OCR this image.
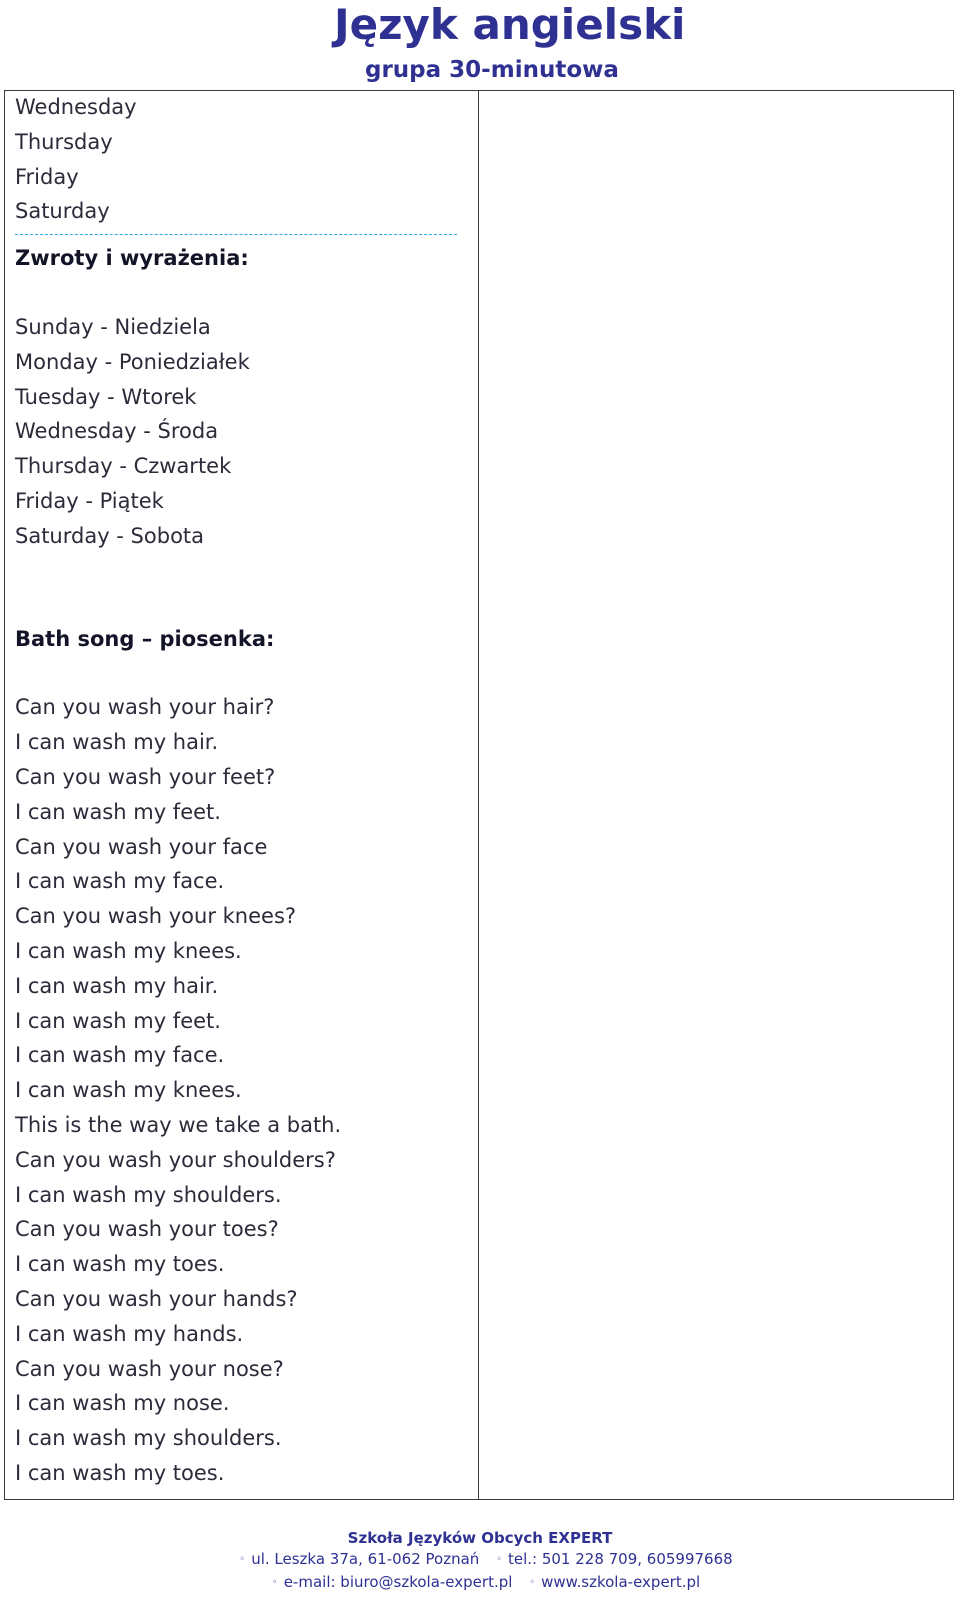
Język angielski
grupa 30-minutowa
Wednesday
Thursday
Friday
Saturday
Zwroty i wyrażenia:
Sunday - Niedziela
Monday - Poniedziałek
Tuesday - Wtorek
Wednesday - Środa
Thursday - Czwartek
Friday - Piątek
Saturday - Sobota
Bath song – piosenka:
Can you wash your hair?
I can wash my hair.
Can you wash your feet?
I can wash my feet.
Can you wash your face
I can wash my face.
Can you wash your knees?
I can wash my knees.
I can wash my hair.
I can wash my feet.
I can wash my face.
I can wash my knees.
This is the way we take a bath.
Can you wash your shoulders?
I can wash my shoulders.
Can you wash your toes?
I can wash my toes.
Can you wash your hands?
I can wash my hands.
Can you wash your nose?
I can wash my nose.
I can wash my shoulders.
I can wash my toes.
Szkoła Języków Obcych EXPERT
◦ ul. Leszka 37a, 61-062 Poznań ◦ tel.: 501 228 709, 605997668
◦ e-mail: biuro@szkola-expert.pl ◦ www.szkola-expert.pl
